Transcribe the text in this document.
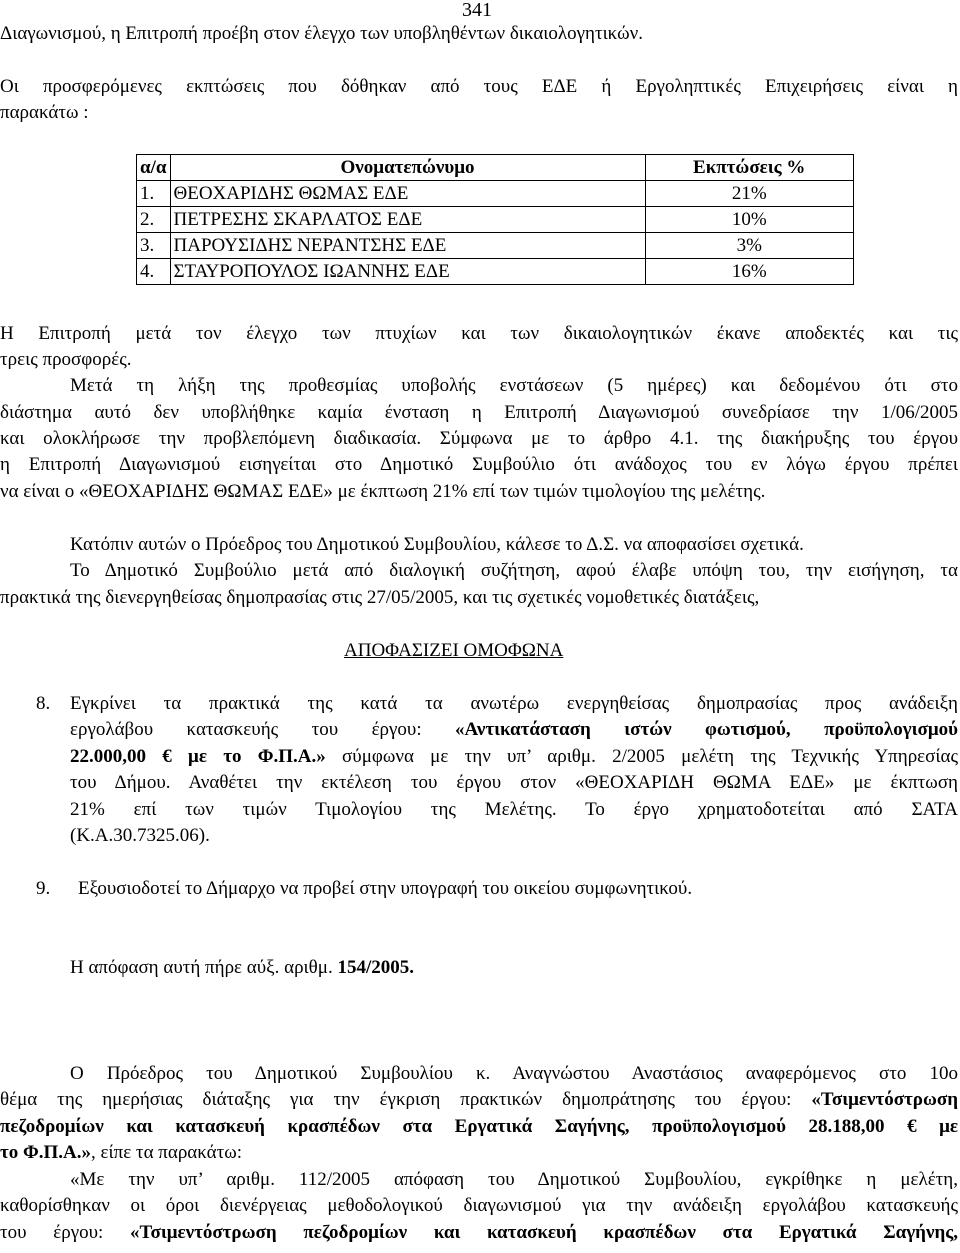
341
Διαγωνισμού, η Επιτροπή προέβη στον έλεγχο των υποβληθέντων δικαιολογητικών.
Οι προσφερόμενες εκπτώσεις που δόθηκαν από τους ΕΔΕ ή Εργοληπτικές Επιχειρήσεις είναι η
παρακάτω :
α/α	Ονοματεπώνυμο	Εκπτώσεις %
1.	ΘΕΟΧΑΡΙΔΗΣ ΘΩΜΑΣ ΕΔΕ	21%
2.	ΠΕΤΡΕΣΗΣ ΣΚΑΡΛΑΤΟΣ ΕΔΕ	10%
3.	ΠΑΡΟΥΣΙΔΗΣ ΝΕΡΑΝΤΣΗΣ ΕΔΕ	3%
4.	ΣΤΑΥΡΟΠΟΥΛΟΣ ΙΩΑΝΝΗΣ ΕΔΕ	16%
Η Επιτροπή μετά τον έλεγχο των πτυχίων και των δικαιολογητικών έκανε αποδεκτές και τις
τρεις προσφορές.
Μετά τη λήξη της προθεσμίας υποβολής ενστάσεων (5 ημέρες) και δεδομένου ότι στο
διάστημα αυτό δεν υποβλήθηκε καμία ένσταση η Επιτροπή Διαγωνισμού συνεδρίασε την 1/06/2005
και ολοκλήρωσε την προβλεπόμενη διαδικασία. Σύμφωνα με το άρθρο 4.1. της διακήρυξης του έργου
η Επιτροπή Διαγωνισμού εισηγείται στο Δημοτικό Συμβούλιο ότι ανάδοχος του εν λόγω έργου πρέπει
να είναι ο «ΘΕΟΧΑΡΙΔΗΣ ΘΩΜΑΣ ΕΔΕ» με έκπτωση 21% επί των τιμών τιμολογίου της μελέτης.
Κατόπιν αυτών ο Πρόεδρος του Δημοτικού Συμβουλίου, κάλεσε το Δ.Σ. να αποφασίσει σχετικά.
Το Δημοτικό Συμβούλιο μετά από διαλογική συζήτηση, αφού έλαβε υπόψη του, την εισήγηση, τα
πρακτικά της διενεργηθείσας δημοπρασίας στις 27/05/2005, και τις σχετικές νομοθετικές διατάξεις,
ΑΠΟΦΑΣΙΖΕΙ ΟΜΟΦΩΝΑ
8. Εγκρίνει τα πρακτικά της κατά τα ανωτέρω ενεργηθείσας δημοπρασίας προς ανάδειξη
εργολάβου κατασκευής του έργου: «Αντικατάσταση ιστών φωτισμού, προϋπολογισμού
22.000,00 € με το Φ.Π.Α.» σύμφωνα με την υπ’ αριθμ. 2/2005 μελέτη της Τεχνικής Υπηρεσίας
του Δήμου. Αναθέτει την εκτέλεση του έργου στον «ΘΕΟΧΑΡΙΔΗ ΘΩΜΑ ΕΔΕ» με έκπτωση
21% επί των τιμών Τιμολογίου της Μελέτης. Το έργο χρηματοδοτείται από ΣΑΤΑ
(Κ.Α.30.7325.06).
9. Εξουσιοδοτεί το Δήμαρχο να προβεί στην υπογραφή του οικείου συμφωνητικού.
Η απόφαση αυτή πήρε αύξ. αριθμ. 154/2005.
Ο Πρόεδρος του Δημοτικού Συμβουλίου κ. Αναγνώστου Αναστάσιος αναφερόμενος στο 10ο
θέμα της ημερήσιας διάταξης για την έγκριση πρακτικών δημοπράτησης του έργου: «Τσιμεντόστρωση
πεζοδρομίων και κατασκευή κρασπέδων στα Εργατικά Σαγήνης, προϋπολογισμού 28.188,00 € με
το Φ.Π.Α.», είπε τα παρακάτω:
«Με την υπ’ αριθμ. 112/2005 απόφαση του Δημοτικού Συμβουλίου, εγκρίθηκε η μελέτη,
καθορίσθηκαν οι όροι διενέργειας μεθοδολογικού διαγωνισμού για την ανάδειξη εργολάβου κατασκευής
του έργου: «Τσιμεντόστρωση πεζοδρομίων και κατασκευή κρασπέδων στα Εργατικά Σαγήνης,
